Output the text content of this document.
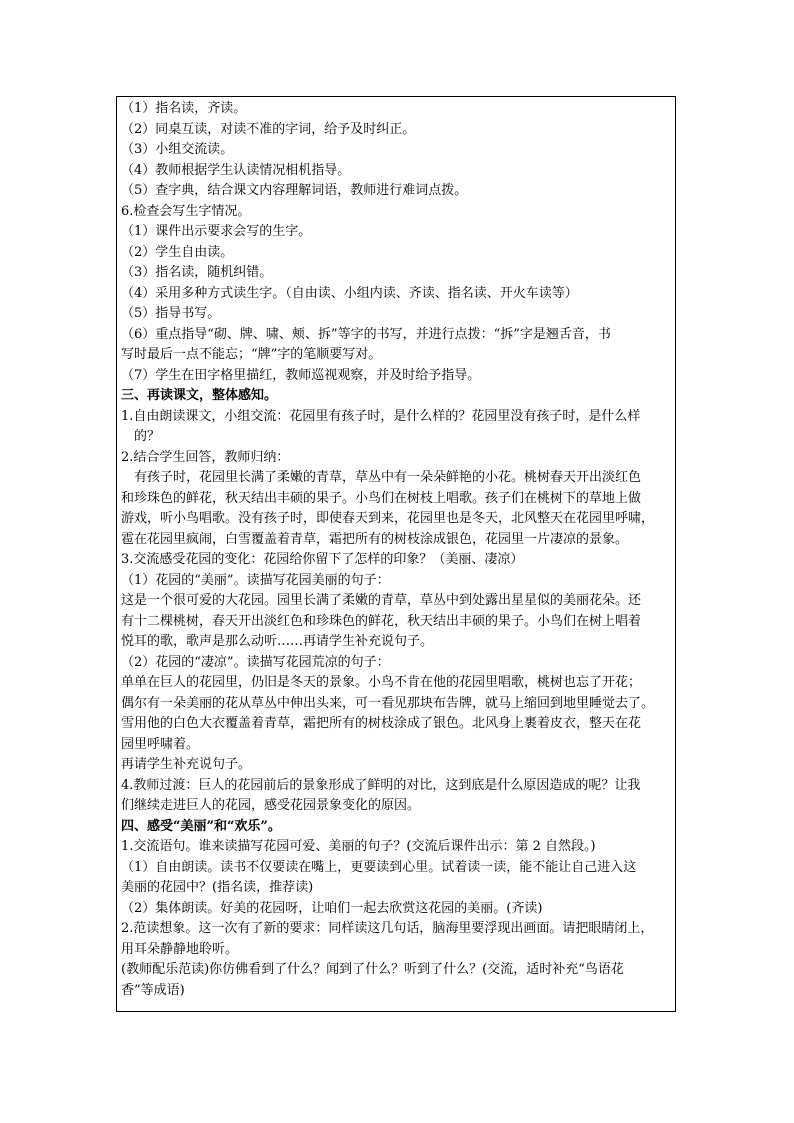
（1）指名读，齐读。
（2）同桌互读，对读不准的字词，给予及时纠正。
（3）小组交流读。
（4）教师根据学生认读情况相机指导。
（5）查字典，结合课文内容理解词语，教师进行难词点拨。
6.检查会写生字情况。
（1）课件出示要求会写的生字。
（2）学生自由读。
（3）指名读，随机纠错。
（4）采用多种方式读生字。（自由读、小组内读、齐读、指名读、开火车读等）
（5）指导书写。
（6）重点指导“砌、牌、啸、颊、拆”等字的书写，并进行点拨：“拆”字是翘舌音，书
写时最后一点不能忘；“牌”字的笔顺要写对。
（7）学生在田字格里描红，教师巡视观察，并及时给予指导。
三、再读课文，整体感知。
1.自由朗读课文，小组交流：花园里有孩子时，是什么样的？花园里没有孩子时，是什么样
的？
2.结合学生回答，教师归纳：
有孩子时，花园里长满了柔嫩的青草，草丛中有一朵朵鲜艳的小花。桃树春天开出淡红色
和珍珠色的鲜花，秋天结出丰硕的果子。小鸟们在树枝上唱歌。孩子们在桃树下的草地上做
游戏，听小鸟唱歌。没有孩子时，即使春天到来，花园里也是冬天，北风整天在花园里呼啸，
雹在花园里疯闹，白雪覆盖着青草，霜把所有的树枝涂成银色，花园里一片凄凉的景象。
3.交流感受花园的变化：花园给你留下了怎样的印象？（美丽、凄凉）
（1）花园的“美丽”。读描写花园美丽的句子：
这是一个很可爱的大花园。园里长满了柔嫩的青草，草丛中到处露出星星似的美丽花朵。还
有十二棵桃树，春天开出淡红色和珍珠色的鲜花，秋天结出丰硕的果子。小鸟们在树上唱着
悦耳的歌，歌声是那么动听……再请学生补充说句子。
（2）花园的“凄凉”。读描写花园荒凉的句子：
单单在巨人的花园里，仍旧是冬天的景象。小鸟不肯在他的花园里唱歌，桃树也忘了开花；
偶尔有一朵美丽的花从草丛中伸出头来，可一看见那块布告牌，就马上缩回到地里睡觉去了。
雪用他的白色大衣覆盖着青草，霜把所有的树枝涂成了银色。北风身上裹着皮衣，整天在花
园里呼啸着。
再请学生补充说句子。
4.教师过渡：巨人的花园前后的景象形成了鲜明的对比，这到底是什么原因造成的呢？让我
们继续走进巨人的花园，感受花园景象变化的原因。
四、感受“美丽”和“欢乐”。
1.交流语句。谁来读描写花园可爱、美丽的句子？(交流后课件出示：第 2 自然段。)
（1）自由朗读。读书不仅要读在嘴上，更要读到心里。试着读一读，能不能让自己进入这
美丽的花园中？(指名读，推荐读)
（2）集体朗读。好美的花园呀，让咱们一起去欣赏这花园的美丽。(齐读)
2.范读想象。这一次有了新的要求：同样读这几句话，脑海里要浮现出画面。请把眼睛闭上，
用耳朵静静地聆听。
(教师配乐范读)你仿佛看到了什么？闻到了什么？听到了什么？(交流，适时补充“鸟语花
香”等成语)
